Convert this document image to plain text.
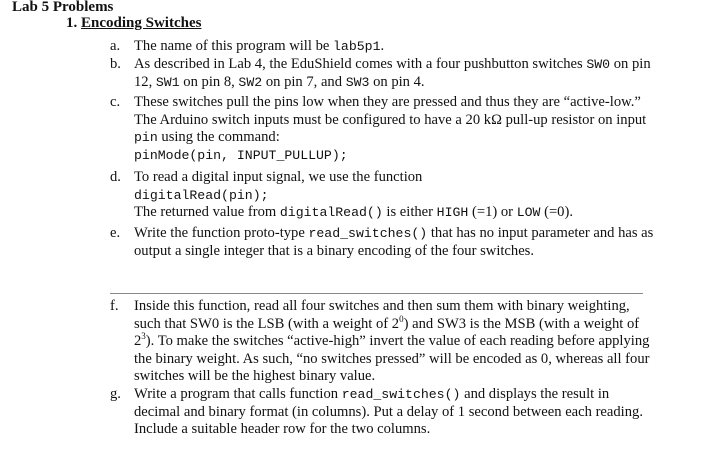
Lab 5 Problems
1. Encoding Switches
a. The name of this program will be lab5p1.
b. As described in Lab 4, the EduShield comes with a four pushbutton switches SW0 on pin 12, SW1 on pin 8, SW2 on pin 7, and SW3 on pin 4.
c. These switches pull the pins low when they are pressed and thus they are “active-low.” The Arduino switch inputs must be configured to have a 20 kΩ pull-up resistor on input pin using the command:
pinMode(pin, INPUT_PULLUP);
d. To read a digital input signal, we use the function
digitalRead(pin);
The returned value from digitalRead() is either HIGH (=1) or LOW (=0).
e. Write the function proto-type read_switches() that has no input parameter and has as output a single integer that is a binary encoding of the four switches.
f.	Inside this function, read all four switches and then sum them with binary weighting, such that SW0 is the LSB (with a weight of $2^0$) and SW3 is the MSB (with a weight of $2^3$). To make the switches “active-high” invert the value of each reading before applying the binary weight. As such, “no switches pressed” will be encoded as 0, whereas all four switches will be the highest binary value.
g. Write a program that calls function read_switches() and displays the result in decimal and binary format (in columns). Put a delay of 1 second between each reading. Include a suitable header row for the two columns.
